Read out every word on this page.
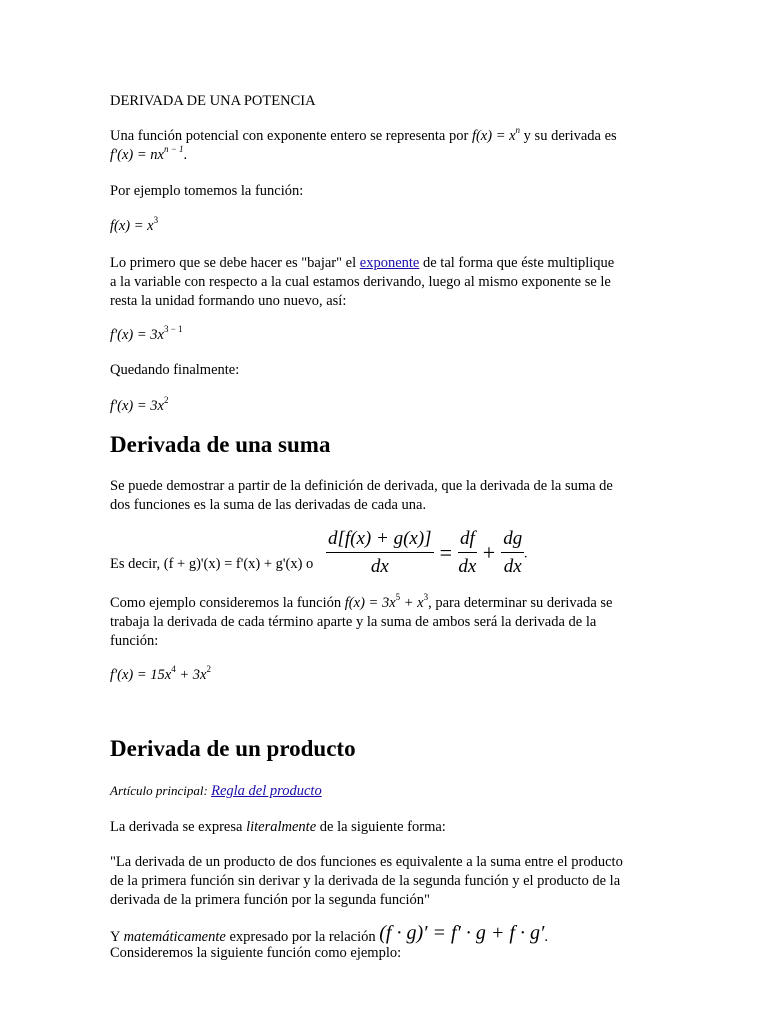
DERIVADA DE UNA POTENCIA
Una función potencial con exponente entero se representa por $f(x) = x^n$ y su derivada es
$f'(x) = nx^{n - 1}$.
Por ejemplo tomemos la función:
$f(x) = x^3$
Lo primero que se debe hacer es "bajar" el exponente de tal forma que éste multiplique
a la variable con respecto a la cual estamos derivando, luego al mismo exponente se le
resta la unidad formando uno nuevo, así:
$f'(x) = 3x^{3 - 1}$
Quedando finalmente:
$f'(x) = 3x^2$
Derivada de una suma
Se puede demostrar a partir de la definición de derivada, que la derivada de la suma de
dos funciones es la suma de las derivadas de cada una.
Es decir, (f + g)'(x) = f'(x) + g'(x) o $\frac{d[f(x) + g(x)]}{dx} = \frac{df}{dx} + \frac{dg}{dx}$ .
Como ejemplo consideremos la función $f(x) = 3x^5 + x^3$, para determinar su derivada se
trabaja la derivada de cada término aparte y la suma de ambos será la derivada de la
función:
$f'(x) = 15x^4 + 3x^2$
Derivada de un producto
Artículo principal: Regla del producto
La derivada se expresa literalmente de la siguiente forma:
"La derivada de un producto de dos funciones es equivalente a la suma entre el producto
de la primera función sin derivar y la derivada de la segunda función y el producto de la
derivada de la primera función por la segunda función"
Y matemáticamente expresado por la relación (f · g)′ = f′ · g + f · g′.
Consideremos la siguiente función como ejemplo:
